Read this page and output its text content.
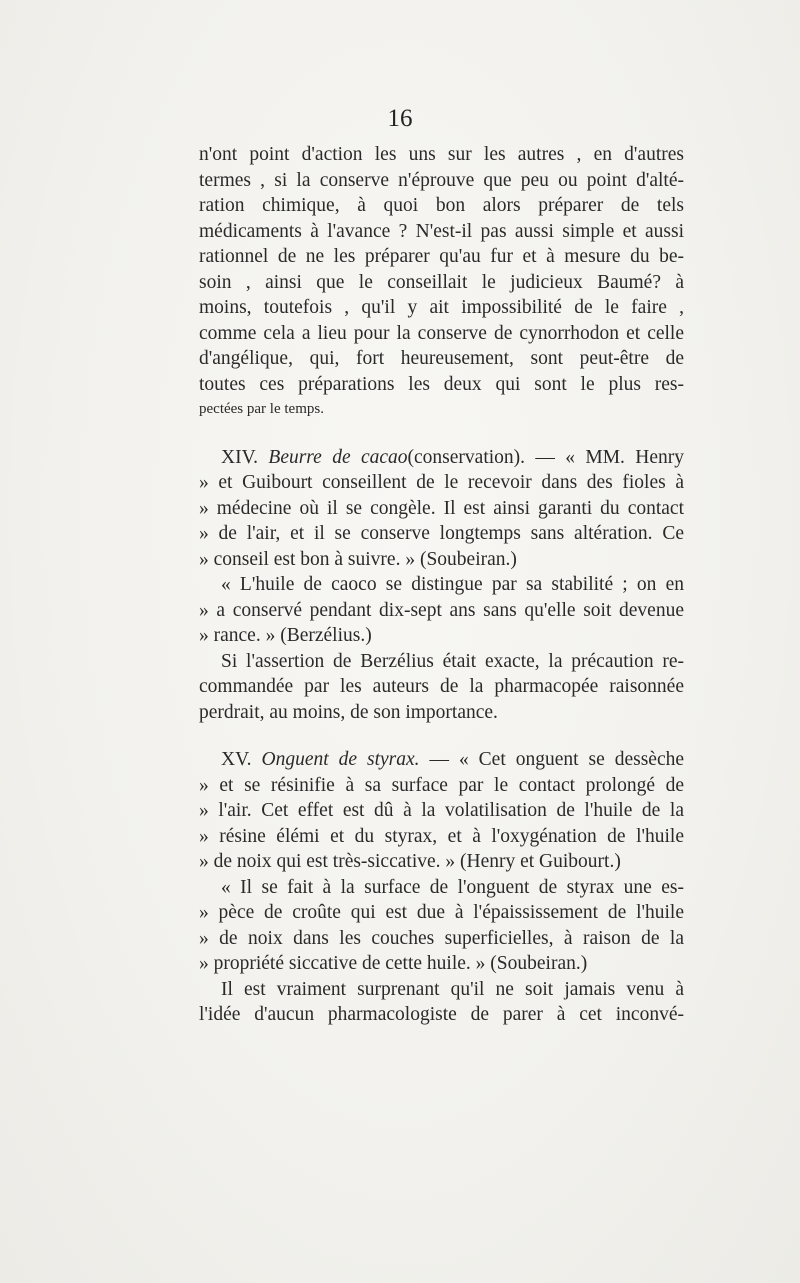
16
n'ont point d'action les uns sur les autres , en d'autres
termes , si la conserve n'éprouve que peu ou point d'alté-
ration chimique, à quoi bon alors préparer de tels
médicaments à l'avance ? N'est-il pas aussi simple et aussi
rationnel de ne les préparer qu'au fur et à mesure du be-
soin , ainsi que le conseillait le judicieux Baumé? à
moins, toutefois , qu'il y ait impossibilité de le faire ,
comme cela a lieu pour la conserve de cynorrhodon et celle
d'angélique, qui, fort heureusement, sont peut-être de
toutes ces préparations les deux qui sont le plus res-
pectées par le temps.
XIV. Beurre de cacao(conservation). — « MM. Henry
» et Guibourt conseillent de le recevoir dans des fioles à
» médecine où il se congèle. Il est ainsi garanti du contact
» de l'air, et il se conserve longtemps sans altération. Ce
» conseil est bon à suivre. » (Soubeiran.)
« L'huile de caoco se distingue par sa stabilité ; on en
» a conservé pendant dix-sept ans sans qu'elle soit devenue
» rance. » (Berzélius.)
Si l'assertion de Berzélius était exacte, la précaution re-
commandée par les auteurs de la pharmacopée raisonnée
perdrait, au moins, de son importance.
XV. Onguent de styrax. — « Cet onguent se dessèche
» et se résinifie à sa surface par le contact prolongé de
» l'air. Cet effet est dû à la volatilisation de l'huile de la
» résine élémi et du styrax, et à l'oxygénation de l'huile
» de noix qui est très-siccative. » (Henry et Guibourt.)
« Il se fait à la surface de l'onguent de styrax une es-
» pèce de croûte qui est due à l'épaississement de l'huile
» de noix dans les couches superficielles, à raison de la
» propriété siccative de cette huile. » (Soubeiran.)
Il est vraiment surprenant qu'il ne soit jamais venu à
l'idée d'aucun pharmacologiste de parer à cet inconvé-
